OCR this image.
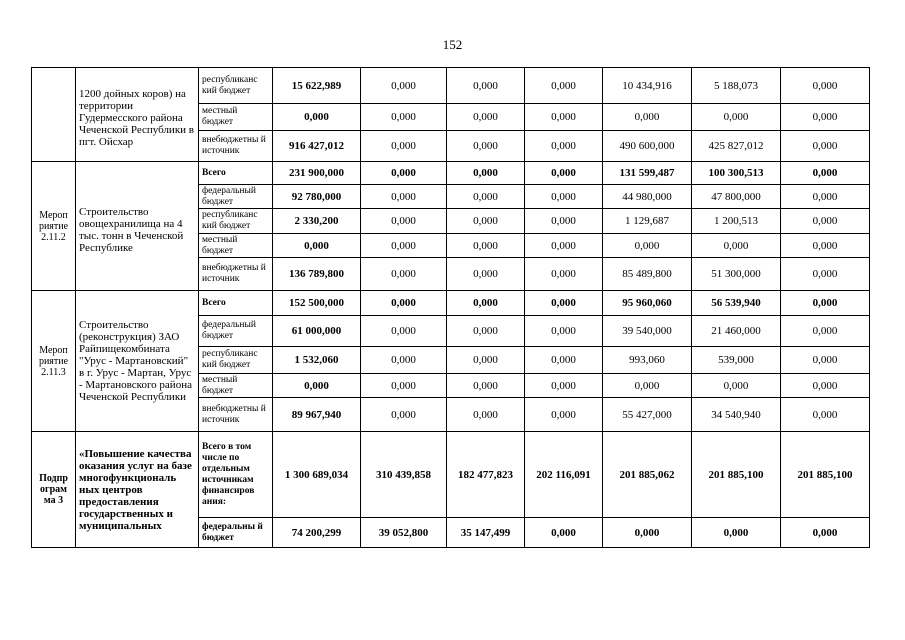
152
	1200 дойных коров) на территории Гудермесского района Чеченской Республики в пгт. Ойсхар	республиканс кий бюджет	15 622,989	0,000	0,000	0,000	10 434,916	5 188,073	0,000
		местный бюджет	0,000	0,000	0,000	0,000	0,000	0,000	0,000
		внебюджетны й источник	916 427,012	0,000	0,000	0,000	490 600,000	425 827,012	0,000
Мероп риятие 2.11.2	Строительство овощехранилища на 4 тыс. тонн в Чеченской Республике	Всего	231 900,000	0,000	0,000	0,000	131 599,487	100 300,513	0,000
		федеральный бюджет	92 780,000	0,000	0,000	0,000	44 980,000	47 800,000	0,000
		республиканс кий бюджет	2 330,200	0,000	0,000	0,000	1 129,687	1 200,513	0,000
		местный бюджет	0,000	0,000	0,000	0,000	0,000	0,000	0,000
		внебюджетны й источник	136 789,800	0,000	0,000	0,000	85 489,800	51 300,000	0,000
Мероп риятие 2.11.3	Строительство (реконструкция) ЗАО Райпищекомбината "Урус - Мартановский" в г. Урус - Мартан, Урус - Мартановского района Чеченской Республики	Всего	152 500,000	0,000	0,000	0,000	95 960,060	56 539,940	0,000
		федеральный бюджет	61 000,000	0,000	0,000	0,000	39 540,000	21 460,000	0,000
		республиканс кий бюджет	1 532,060	0,000	0,000	0,000	993,060	539,000	0,000
		местный бюджет	0,000	0,000	0,000	0,000	0,000	0,000	0,000
		внебюджетны й источник	89 967,940	0,000	0,000	0,000	55 427,000	34 540,940	0,000
Подпр ограм ма 3	«Повышение качества оказания услуг на базе многофункциональ ных центров предоставления государственных и муниципальных	Всего в том числе по отдельным источникам финансиров ания:	1 300 689,034	310 439,858	182 477,823	202 116,091	201 885,062	201 885,100	201 885,100
		федеральны й бюджет	74 200,299	39 052,800	35 147,499	0,000	0,000	0,000	0,000
